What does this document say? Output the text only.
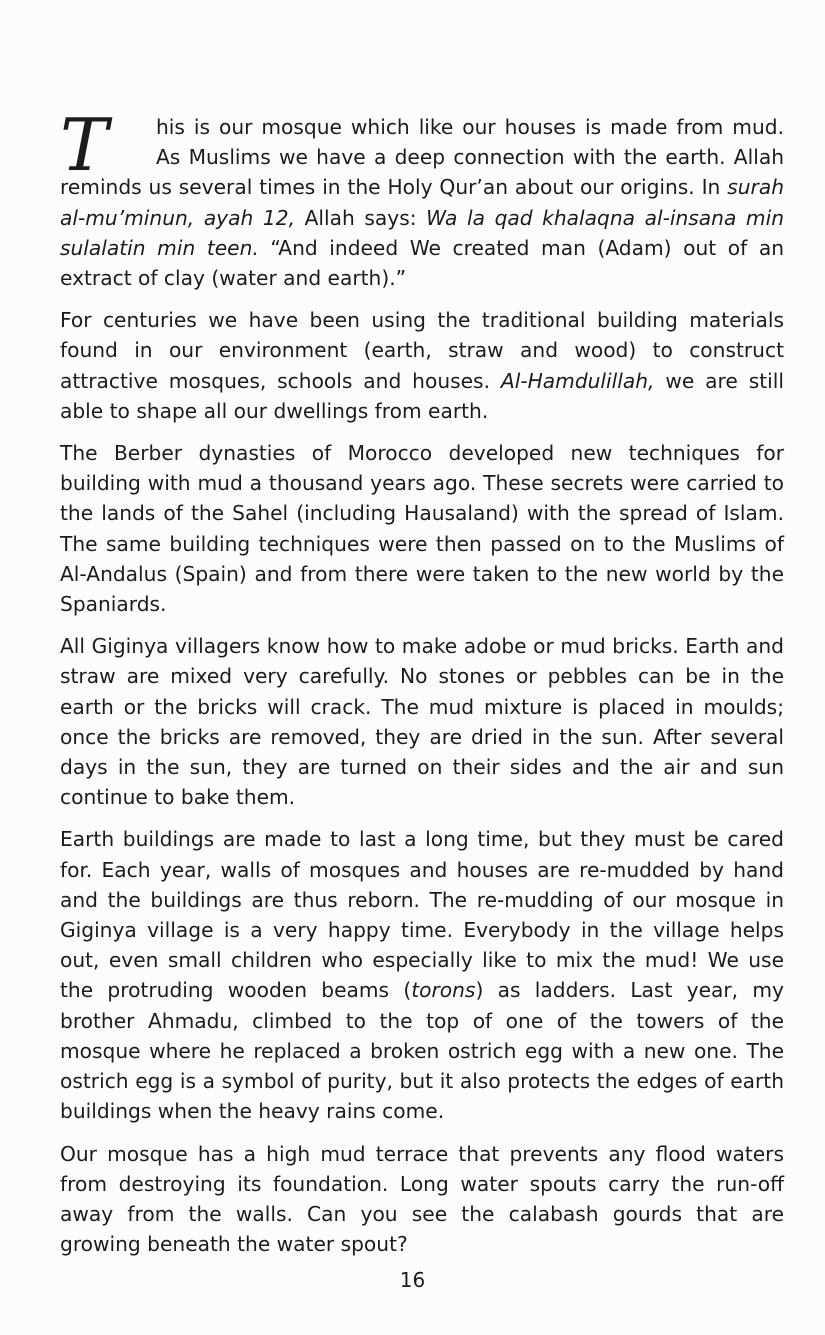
T	his is our mosque which like our houses is made from mud. As Muslims we have a deep connection with the earth. Allah reminds us several times in the Holy Qur’an about our origins. In surah al-mu’minun, ayah 12, Allah says: Wa la qad khalaqna al-insana min sulalatin min teen. “And indeed We created man (Adam) out of an extract of clay (water and earth).”

For centuries we have been using the traditional building materials found in our environment (earth, straw and wood) to construct attractive mosques, schools and houses. Al-Hamdulillah, we are still able to shape all our dwellings from earth.

The Berber dynasties of Morocco developed new techniques for building with mud a thousand years ago. These secrets were carried to the lands of the Sahel (including Hausaland) with the spread of Islam. The same building techniques were then passed on to the Muslims of Al-Andalus (Spain) and from there were taken to the new world by the Spaniards.

All Giginya villagers know how to make adobe or mud bricks. Earth and straw are mixed very carefully. No stones or pebbles can be in the earth or the bricks will crack. The mud mixture is placed in moulds; once the bricks are removed, they are dried in the sun. After several days in the sun, they are turned on their sides and the air and sun continue to bake them.

Earth buildings are made to last a long time, but they must be cared for. Each year, walls of mosques and houses are re-mudded by hand and the buildings are thus reborn. The re-mudding of our mosque in Giginya village is a very happy time. Everybody in the village helps out, even small children who especially like to mix the mud! We use the protruding wooden beams (torons) as ladders. Last year, my brother Ahmadu, climbed to the top of one of the towers of the mosque where he replaced a broken ostrich egg with a new one. The ostrich egg is a symbol of purity, but it also protects the edges of earth buildings when the heavy rains come.

Our mosque has a high mud terrace that prevents any flood waters from destroying its foundation. Long water spouts carry the run-off away from the walls. Can you see the calabash gourds that are growing beneath the water spout?

16
